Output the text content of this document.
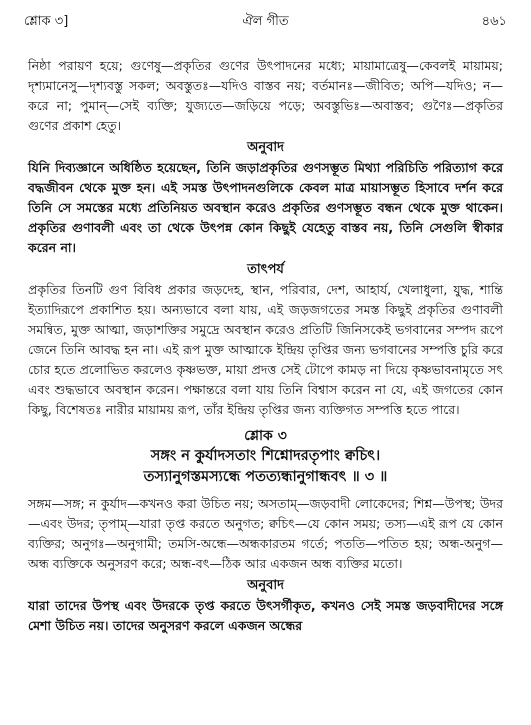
শ্লোক ৩]	ঐল গীত	৪৬১

নিষ্ঠা পরায়ণ হয়ে; গুণেষু—প্রকৃতির গুণের উৎপাদনের মধ্যে; মায়ামাত্রেষু—কেবলই মায়াময়; দৃশ্যমানেসু—দৃশ্যবস্তু সকল; অবস্তুতঃ—যদিও বাস্তব নয়; বর্তমানঃ—জীবিত; অপি—যদিও; ন—করে না; পুমান্—সেই ব্যক্তি; যুজ্যতে—জড়িয়ে পড়ে; অবস্তুভিঃ—অবাস্তব; গুণৈঃ—প্রকৃতির গুণের প্রকাশ হেতু।

অনুবাদ

যিনি দিব্যজ্ঞানে অধিষ্ঠিত হয়েছেন, তিনি জড়াপ্রকৃতির গুণসম্ভূত মিথ্যা পরিচিতি পরিত্যাগ করে বদ্ধজীবন থেকে মুক্ত হন। এই সমস্ত উৎপাদনগুলিকে কেবল মাত্র মায়াসম্ভূত হিসাবে দর্শন করে তিনি সে সমস্তের মধ্যে প্রতিনিয়ত অবস্থান করেও প্রকৃতির গুণসম্ভূত বন্ধন থেকে মুক্ত থাকেন। প্রকৃতির গুণাবলী এবং তা থেকে উৎপন্ন কোন কিছুই যেহেতু বাস্তব নয়, তিনি সেগুলি স্বীকার করেন না।

তাৎপর্য

প্রকৃতির তিনটি গুণ বিবিধ প্রকার জড়দেহ, স্থান, পরিবার, দেশ, আহার্য, খেলাধুলা, যুদ্ধ, শান্তি ইত্যাদিরূপে প্রকাশিত হয়। অন্যভাবে বলা যায়, এই জড়জগতের সমস্ত কিছুই প্রকৃতির গুণাবলী সমন্বিত, মুক্ত আত্মা, জড়াশক্তির সমুদ্রে অবস্থান করেও প্রতিটি জিনিসকেই ভগবানের সম্পদ রূপে জেনে তিনি আবদ্ধ হন না। এই রূপ মুক্ত আত্মাকে ইন্দ্রিয় তৃপ্তির জন্য ভগবানের সম্পত্তি চুরি করে চোর হতে প্রলোভিত করলেও কৃষ্ণভক্ত, মায়া প্রদত্ত সেই টোপে কামড় না দিয়ে কৃষ্ণভাবনামৃতে সৎ এবং শুদ্ধভাবে অবস্থান করেন। পক্ষান্তরে বলা যায় তিনি বিশ্বাস করেন না যে, এই জগতের কোন কিছু, বিশেষতঃ নারীর মায়াময় রূপ, তাঁর ইন্দ্রিয় তৃপ্তির জন্য ব্যক্তিগত সম্পত্তি হতে পারে।

শ্লোক ৩

সঙ্গং ন কুর্যাদসতাং শিশ্নোদরতৃপাং ক্বচিৎ।

তস্যানুগস্তমস্যন্ধে পতত্যন্ধানুগান্ধবৎ ॥ ৩ ॥

সঙ্গম—সঙ্গ; ন কুর্যাদ—কখনও করা উচিত নয়; অসতাম্—জড়বাদী লোকেদের; শিশ্ন—উপস্থ; উদর—এবং উদর; তৃপাম্—যারা তৃপ্ত করতে অনুগত; ক্বচিৎ—যে কোন সময়; তস্য—এই রূপ যে কোন ব্যক্তির; অনুগঃ—অনুগামী; তমসি-অন্ধে—অন্ধকারতম গর্তে; পততি—পতিত হয়; অন্ধ-অনুগ—অন্ধ ব্যক্তিকে অনুসরণ করে; অন্ধ-বৎ—ঠিক আর একজন অন্ধ ব্যক্তির মতো।

অনুবাদ

যারা তাদের উপস্থ এবং উদরকে তৃপ্ত করতে উৎসর্গীকৃত, কখনও সেই সমস্ত জড়বাদীদের সঙ্গে মেশা উচিত নয়। তাদের অনুসরণ করলে একজন অন্ধের
